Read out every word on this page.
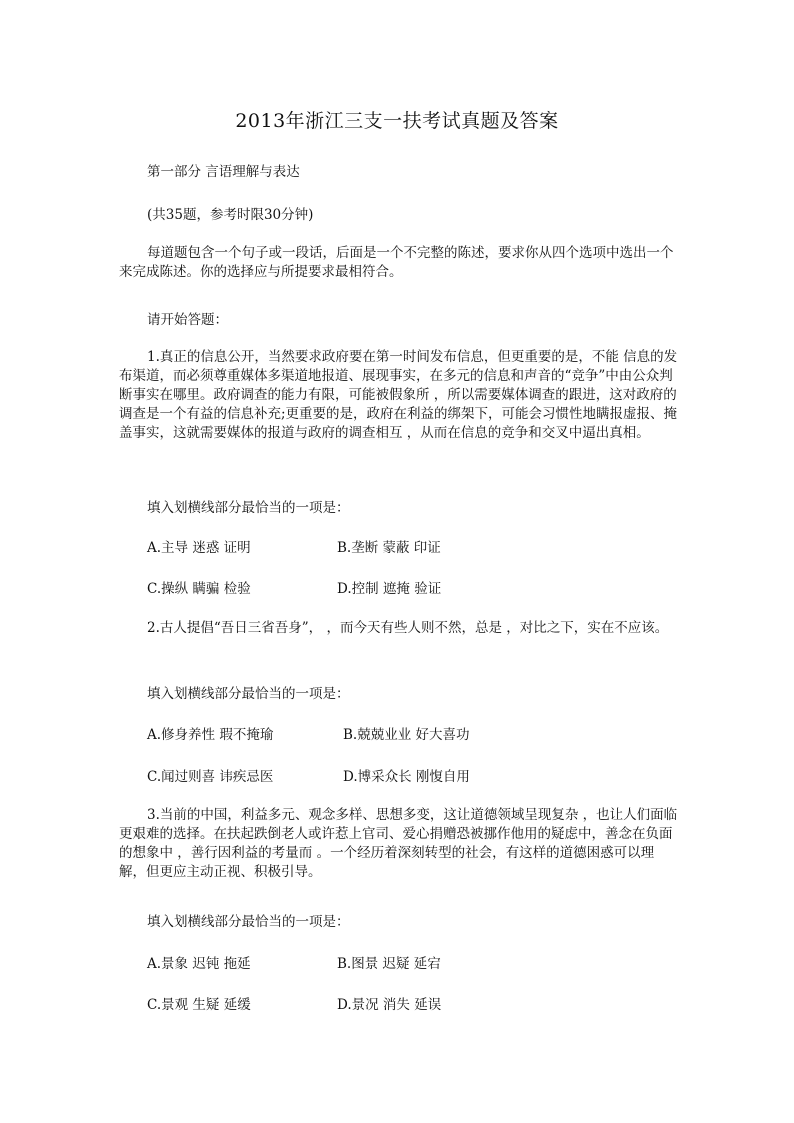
2013年浙江三支一扶考试真题及答案
第一部分 言语理解与表达
(共35题，参考时限30分钟)
每道题包含一个句子或一段话，后面是一个不完整的陈述，要求你从四个选项中选出一个来完成陈述。你的选择应与所提要求最相符合。
请开始答题：
1.真正的信息公开，当然要求政府要在第一时间发布信息，但更重要的是，不能 信息的发布渠道，而必须尊重媒体多渠道地报道、展现事实，在多元的信息和声音的“竞争”中由公众判断事实在哪里。政府调查的能力有限，可能被假象所 ，所以需要媒体调查的跟进，这对政府的调查是一个有益的信息补充;更重要的是，政府在利益的绑架下，可能会习惯性地瞒报虚报、掩盖事实，这就需要媒体的报道与政府的调查相互 ，从而在信息的竞争和交叉中逼出真相。
填入划横线部分最恰当的一项是：
A.主导 迷惑 证明	B.垄断 蒙蔽 印证
C.操纵 瞒骗 检验	D.控制 遮掩 验证
2.古人提倡“吾日三省吾身”， ，而今天有些人则不然，总是 ，对比之下，实在不应该。
填入划横线部分最恰当的一项是：
A.修身养性 瑕不掩瑜	B.兢兢业业 好大喜功
C.闻过则喜 讳疾忌医	D.博采众长 刚愎自用
3.当前的中国，利益多元、观念多样、思想多变，这让道德领域呈现复杂 ，也让人们面临更艰难的选择。在扶起跌倒老人或许惹上官司、爱心捐赠恐被挪作他用的疑虑中，善念在负面的想象中 ，善行因利益的考量而 。一个经历着深刻转型的社会，有这样的道德困惑可以理解，但更应主动正视、积极引导。
填入划横线部分最恰当的一项是：
A.景象 迟钝 拖延	B.图景 迟疑 延宕
C.景观 生疑 延缓	D.景况 消失 延误
